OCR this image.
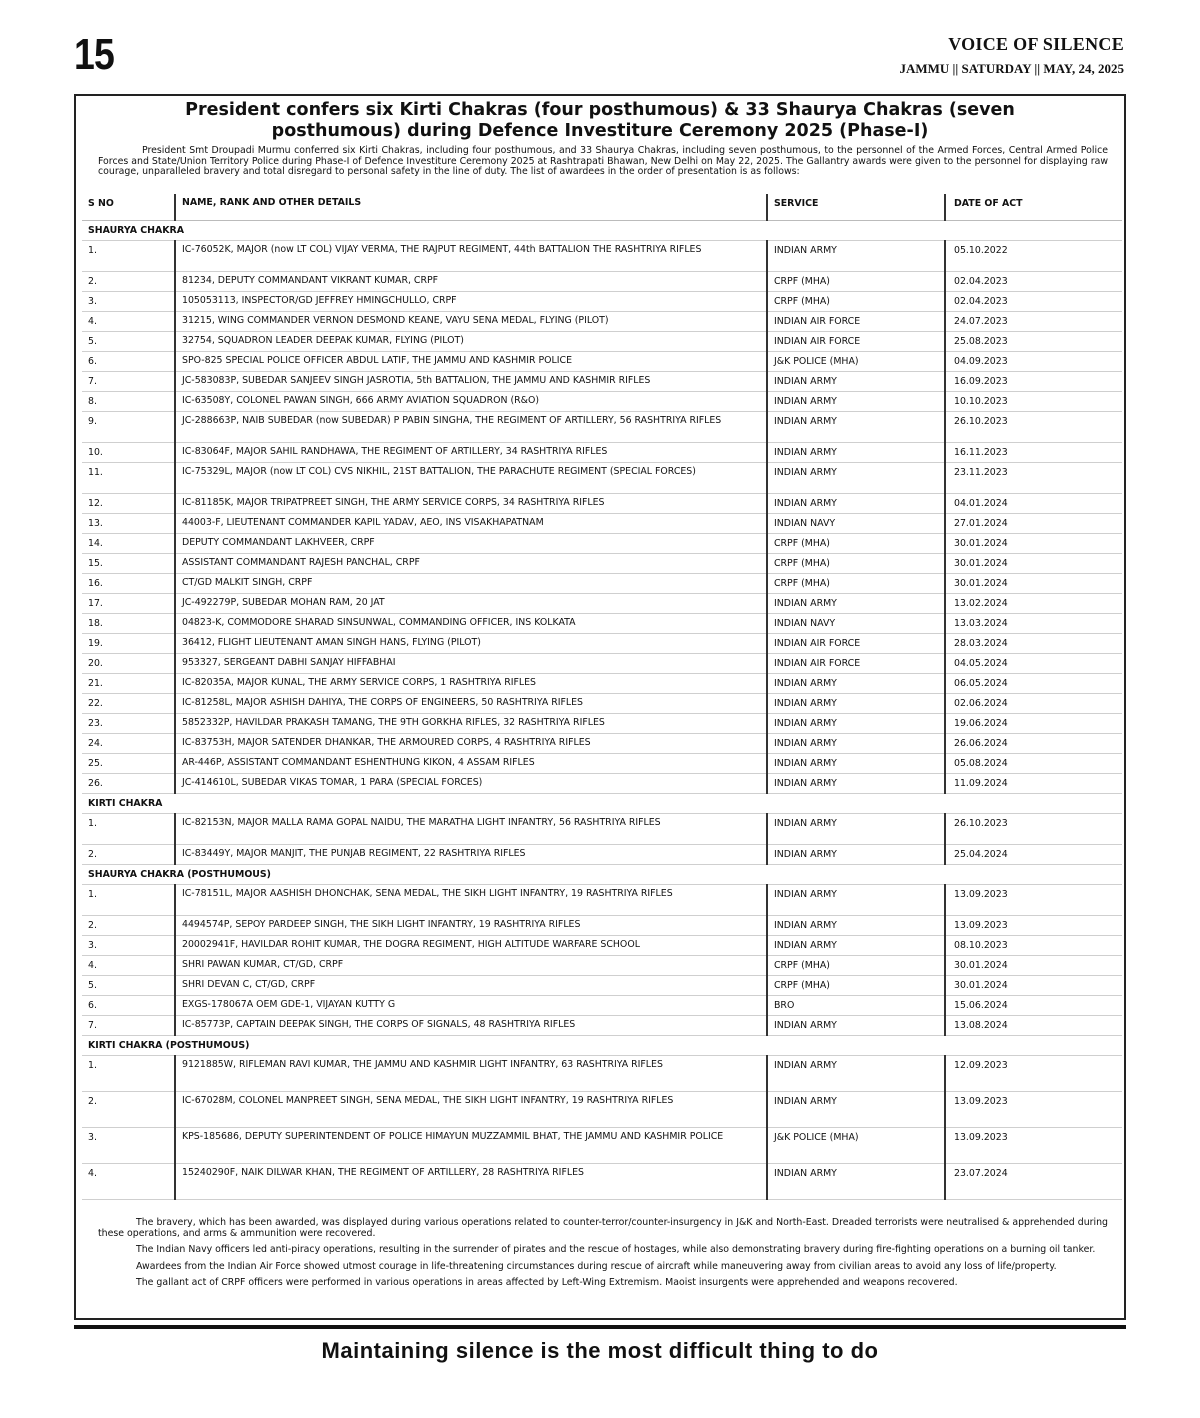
15	VOICE OF SILENCE
JAMMU || SATURDAY || MAY, 24, 2025
President confers six Kirti Chakras (four posthumous) & 33 Shaurya Chakras (seven posthumous) during Defence Investiture Ceremony 2025 (Phase-I)

President Smt Droupadi Murmu conferred six Kirti Chakras, including four posthumous, and 33 Shaurya Chakras, including seven posthumous, to the personnel of the Armed Forces, Central Armed Police Forces and State/Union Territory Police during Phase-I of Defence Investiture Ceremony 2025 at Rashtrapati Bhawan, New Delhi on May 22, 2025. The Gallantry awards were given to the personnel for displaying raw courage, unparalleled bravery and total disregard to personal safety in the line of duty. The list of awardees in the order of presentation is as follows:

S NO	NAME, RANK AND OTHER DETAILS	SERVICE	DATE OF ACT
SHAURYA CHAKRA			
1.	IC-76052K, MAJOR (now LT COL) VIJAY VERMA, THE RAJPUT REGIMENT, 44th BATTALION THE RASHTRIYA RIFLES	INDIAN ARMY	05.10.2022
2.	81234, DEPUTY COMMANDANT VIKRANT KUMAR, CRPF	CRPF (MHA)	02.04.2023
3.	105053113, INSPECTOR/GD JEFFREY HMINGCHULLO, CRPF	CRPF (MHA)	02.04.2023
4.	31215, WING COMMANDER VERNON DESMOND KEANE, VAYU SENA MEDAL, FLYING (PILOT)	INDIAN AIR FORCE	24.07.2023
5.	32754, SQUADRON LEADER DEEPAK KUMAR, FLYING (PILOT)	INDIAN AIR FORCE	25.08.2023
6.	SPO-825 SPECIAL POLICE OFFICER ABDUL LATIF, THE JAMMU AND KASHMIR POLICE	J&K POLICE (MHA)	04.09.2023
7.	JC-583083P, SUBEDAR SANJEEV SINGH JASROTIA, 5th BATTALION, THE JAMMU AND KASHMIR RIFLES	INDIAN ARMY	16.09.2023
8.	IC-63508Y, COLONEL PAWAN SINGH, 666 ARMY AVIATION SQUADRON (R&O)	INDIAN ARMY	10.10.2023
9.	JC-288663P, NAIB SUBEDAR (now SUBEDAR) P PABIN SINGHA, THE REGIMENT OF ARTILLERY, 56 RASHTRIYA RIFLES	INDIAN ARMY	26.10.2023
10.	IC-83064F, MAJOR SAHIL RANDHAWA, THE REGIMENT OF ARTILLERY, 34 RASHTRIYA RIFLES	INDIAN ARMY	16.11.2023
11.	IC-75329L, MAJOR (now LT COL) CVS NIKHIL, 21ST BATTALION, THE PARACHUTE REGIMENT (SPECIAL FORCES)	INDIAN ARMY	23.11.2023
12.	IC-81185K, MAJOR TRIPATPREET SINGH, THE ARMY SERVICE CORPS, 34 RASHTRIYA RIFLES	INDIAN ARMY	04.01.2024
13.	44003-F, LIEUTENANT COMMANDER KAPIL YADAV, AEO, INS VISAKHAPATNAM	INDIAN NAVY	27.01.2024
14.	DEPUTY COMMANDANT LAKHVEER, CRPF	CRPF (MHA)	30.01.2024
15.	ASSISTANT COMMANDANT RAJESH PANCHAL, CRPF	CRPF (MHA)	30.01.2024
16.	CT/GD MALKIT SINGH, CRPF	CRPF (MHA)	30.01.2024
17.	JC-492279P, SUBEDAR MOHAN RAM, 20 JAT	INDIAN ARMY	13.02.2024
18.	04823-K, COMMODORE SHARAD SINSUNWAL, COMMANDING OFFICER, INS KOLKATA	INDIAN NAVY	13.03.2024
19.	36412, FLIGHT LIEUTENANT AMAN SINGH HANS, FLYING (PILOT)	INDIAN AIR FORCE	28.03.2024
20.	953327, SERGEANT DABHI SANJAY HIFFABHAI	INDIAN AIR FORCE	04.05.2024
21.	IC-82035A, MAJOR KUNAL, THE ARMY SERVICE CORPS, 1 RASHTRIYA RIFLES	INDIAN ARMY	06.05.2024
22.	IC-81258L, MAJOR ASHISH DAHIYA, THE CORPS OF ENGINEERS, 50 RASHTRIYA RIFLES	INDIAN ARMY	02.06.2024
23.	5852332P, HAVILDAR PRAKASH TAMANG, THE 9TH GORKHA RIFLES, 32 RASHTRIYA RIFLES	INDIAN ARMY	19.06.2024
24.	IC-83753H, MAJOR SATENDER DHANKAR, THE ARMOURED CORPS, 4 RASHTRIYA RIFLES	INDIAN ARMY	26.06.2024
25.	AR-446P, ASSISTANT COMMANDANT ESHENTHUNG KIKON, 4 ASSAM RIFLES	INDIAN ARMY	05.08.2024
26.	JC-414610L, SUBEDAR VIKAS TOMAR, 1 PARA (SPECIAL FORCES)	INDIAN ARMY	11.09.2024
KIRTI CHAKRA			
1.	IC-82153N, MAJOR MALLA RAMA GOPAL NAIDU, THE MARATHA LIGHT INFANTRY, 56 RASHTRIYA RIFLES	INDIAN ARMY	26.10.2023
2.	IC-83449Y, MAJOR MANJIT, THE PUNJAB REGIMENT, 22 RASHTRIYA RIFLES	INDIAN ARMY	25.04.2024
SHAURYA CHAKRA (POSTHUMOUS)			
1.	IC-78151L, MAJOR AASHISH DHONCHAK, SENA MEDAL, THE SIKH LIGHT INFANTRY, 19 RASHTRIYA RIFLES	INDIAN ARMY	13.09.2023
2.	4494574P, SEPOY PARDEEP SINGH, THE SIKH LIGHT INFANTRY, 19 RASHTRIYA RIFLES	INDIAN ARMY	13.09.2023
3.	20002941F, HAVILDAR ROHIT KUMAR, THE DOGRA REGIMENT, HIGH ALTITUDE WARFARE SCHOOL	INDIAN ARMY	08.10.2023
4.	SHRI PAWAN KUMAR, CT/GD, CRPF	CRPF (MHA)	30.01.2024
5.	SHRI DEVAN C, CT/GD, CRPF	CRPF (MHA)	30.01.2024
6.	EXGS-178067A OEM GDE-1, VIJAYAN KUTTY G	BRO	15.06.2024
7.	IC-85773P, CAPTAIN DEEPAK SINGH, THE CORPS OF SIGNALS, 48 RASHTRIYA RIFLES	INDIAN ARMY	13.08.2024
KIRTI CHAKRA (POSTHUMOUS)			
1.	9121885W, RIFLEMAN RAVI KUMAR, THE JAMMU AND KASHMIR LIGHT INFANTRY, 63 RASHTRIYA RIFLES	INDIAN ARMY	12.09.2023
2.	IC-67028M, COLONEL MANPREET SINGH, SENA MEDAL, THE SIKH LIGHT INFANTRY, 19 RASHTRIYA RIFLES	INDIAN ARMY	13.09.2023
3.	KPS-185686, DEPUTY SUPERINTENDENT OF POLICE HIMAYUN MUZZAMMIL BHAT, THE JAMMU AND KASHMIR POLICE	J&K POLICE (MHA)	13.09.2023
4.	15240290F, NAIK DILWAR KHAN, THE REGIMENT OF ARTILLERY, 28 RASHTRIYA RIFLES	INDIAN ARMY	23.07.2024

The bravery, which has been awarded, was displayed during various operations related to counter-terror/counter-insurgency in J&K and North-East. Dreaded terrorists were neutralised & apprehended during these operations, and arms & ammunition were recovered.

The Indian Navy officers led anti-piracy operations, resulting in the surrender of pirates and the rescue of hostages, while also demonstrating bravery during fire-fighting operations on a burning oil tanker.

Awardees from the Indian Air Force showed utmost courage in life-threatening circumstances during rescue of aircraft while maneuvering away from civilian areas to avoid any loss of life/property.

The gallant act of CRPF officers were performed in various operations in areas affected by Left-Wing Extremism. Maoist insurgents were apprehended and weapons recovered.

Maintaining silence is the most difficult thing to do
